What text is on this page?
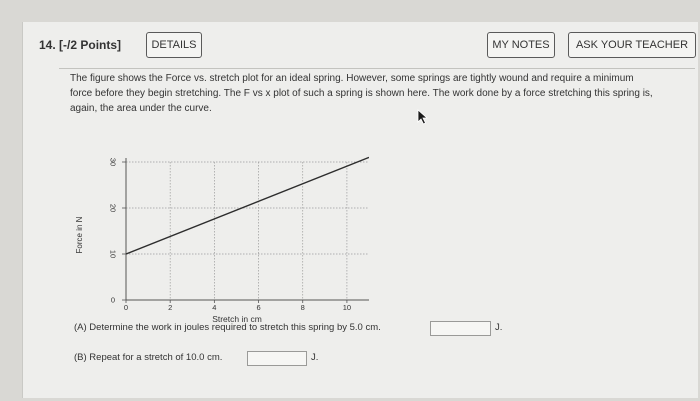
14. [-/2 Points]	DETAILS	MY NOTES	ASK YOUR TEACHER
The figure shows the Force vs. stretch plot for an ideal spring. However, some springs are tightly wound and require a minimum force before they begin stretching. The F vs x plot of such a spring is shown here. The work done by a force stretching this spring is, again, the area under the curve.
0
10
20
30
0	2	4	6	8	10
Stretch in cm
Force in N
(A) Determine the work in joules required to stretch this spring by 5.0 cm.	J.
(B) Repeat for a stretch of 10.0 cm.	J.
